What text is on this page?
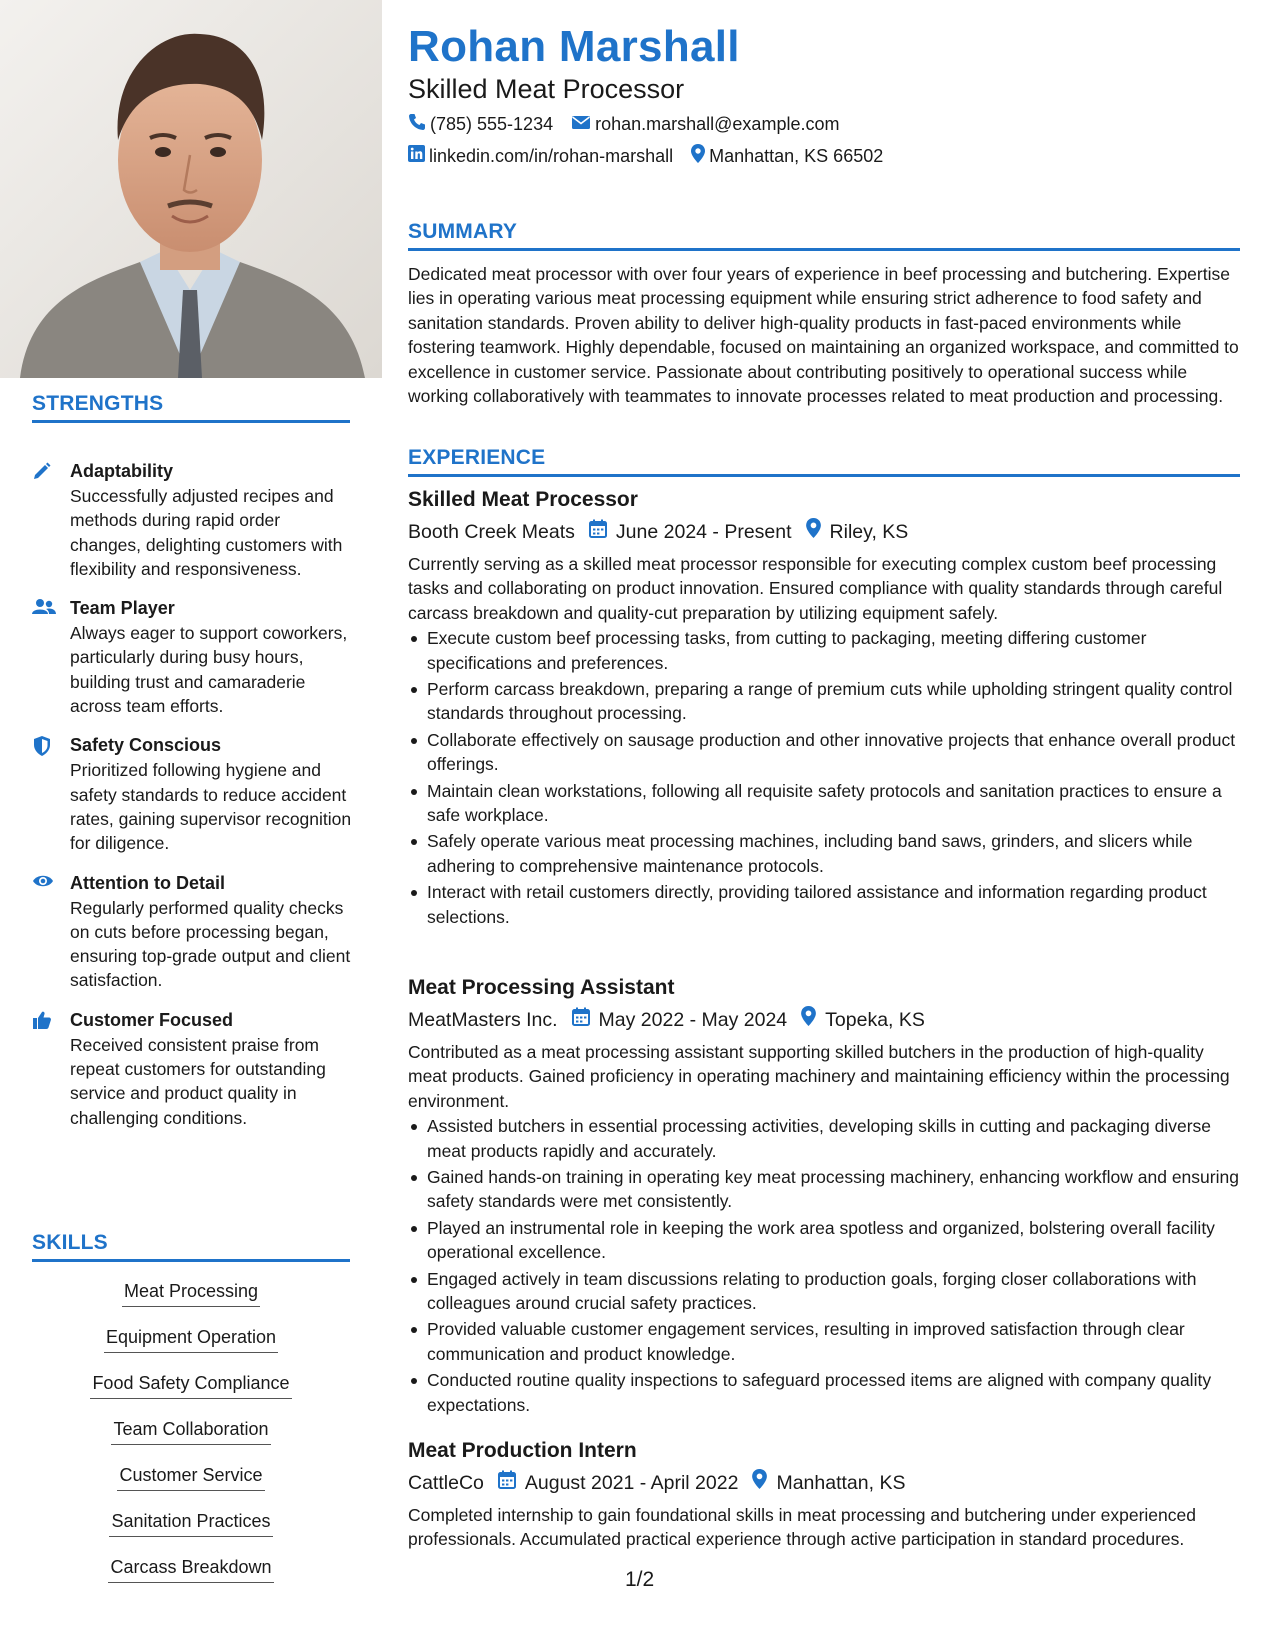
STRENGTHS
Adaptability
Successfully adjusted recipes and methods during rapid order changes, delighting customers with flexibility and responsiveness.
Team Player
Always eager to support coworkers, particularly during busy hours, building trust and camaraderie across team efforts.
Safety Conscious
Prioritized following hygiene and safety standards to reduce accident rates, gaining supervisor recognition for diligence.
Attention to Detail
Regularly performed quality checks on cuts before processing began, ensuring top-grade output and client satisfaction.
Customer Focused
Received consistent praise from repeat customers for outstanding service and product quality in challenging conditions.
SKILLS
Meat Processing
Equipment Operation
Food Safety Compliance
Team Collaboration
Customer Service
Sanitation Practices
Carcass Breakdown
Rohan Marshall
Skilled Meat Processor
(785) 555-1234 rohan.marshall@example.com
linkedin.com/in/rohan-marshall Manhattan, KS 66502
SUMMARY
Dedicated meat processor with over four years of experience in beef processing and butchering. Expertise lies in operating various meat processing equipment while ensuring strict adherence to food safety and sanitation standards. Proven ability to deliver high-quality products in fast-paced environments while fostering teamwork. Highly dependable, focused on maintaining an organized workspace, and committed to excellence in customer service. Passionate about contributing positively to operational success while working collaboratively with teammates to innovate processes related to meat production and processing.
EXPERIENCE
Skilled Meat Processor
Booth Creek Meats June 2024 - Present Riley, KS
Currently serving as a skilled meat processor responsible for executing complex custom beef processing tasks and collaborating on product innovation. Ensured compliance with quality standards through careful carcass breakdown and quality-cut preparation by utilizing equipment safely.
Execute custom beef processing tasks, from cutting to packaging, meeting differing customer specifications and preferences.
Perform carcass breakdown, preparing a range of premium cuts while upholding stringent quality control standards throughout processing.
Collaborate effectively on sausage production and other innovative projects that enhance overall product offerings.
Maintain clean workstations, following all requisite safety protocols and sanitation practices to ensure a safe workplace.
Safely operate various meat processing machines, including band saws, grinders, and slicers while adhering to comprehensive maintenance protocols.
Interact with retail customers directly, providing tailored assistance and information regarding product selections.
Meat Processing Assistant
MeatMasters Inc. May 2022 - May 2024 Topeka, KS
Contributed as a meat processing assistant supporting skilled butchers in the production of high-quality meat products. Gained proficiency in operating machinery and maintaining efficiency within the processing environment.
Assisted butchers in essential processing activities, developing skills in cutting and packaging diverse meat products rapidly and accurately.
Gained hands-on training in operating key meat processing machinery, enhancing workflow and ensuring safety standards were met consistently.
Played an instrumental role in keeping the work area spotless and organized, bolstering overall facility operational excellence.
Engaged actively in team discussions relating to production goals, forging closer collaborations with colleagues around crucial safety practices.
Provided valuable customer engagement services, resulting in improved satisfaction through clear communication and product knowledge.
Conducted routine quality inspections to safeguard processed items are aligned with company quality expectations.
Meat Production Intern
CattleCo August 2021 - April 2022 Manhattan, KS
Completed internship to gain foundational skills in meat processing and butchering under experienced professionals. Accumulated practical experience through active participation in standard procedures.
1/2
